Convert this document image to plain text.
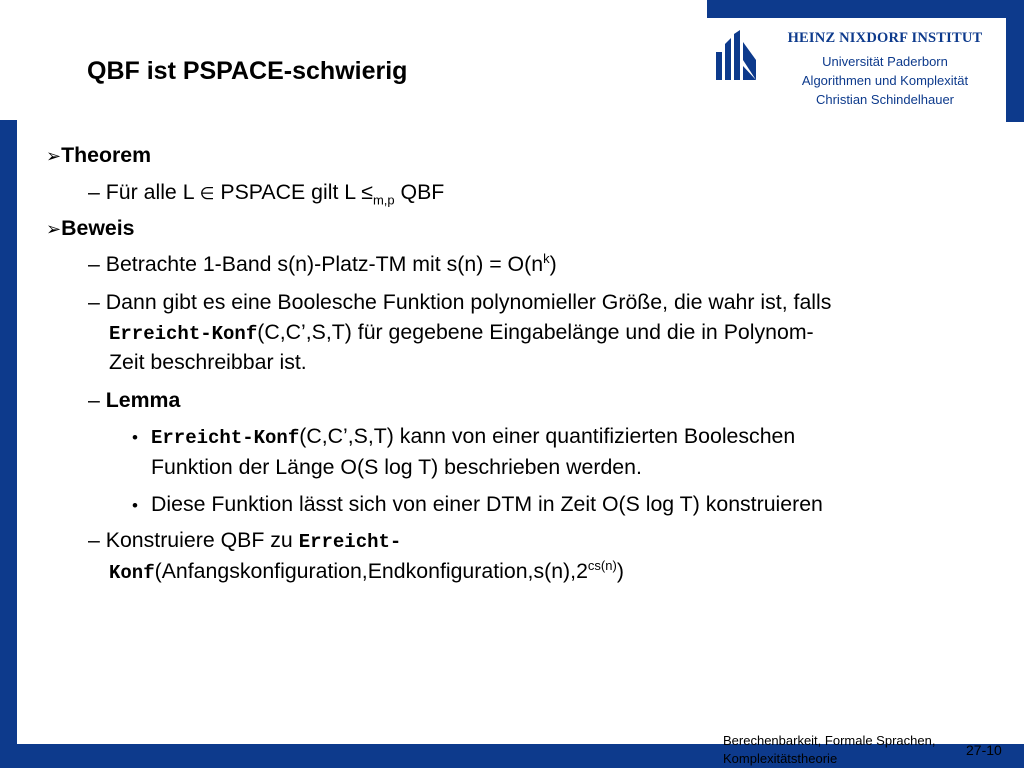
HEINZ NIXDORF INSTITUT
Universität Paderborn
Algorithmen und Komplexität
Christian Schindelhauer
QBF ist PSPACE-schwierig
➢Theorem
– Für alle L ∈ PSPACE gilt $L \le_{m,p}$ QBF
➢Beweis
– Betrachte 1-Band s(n)-Platz-TM mit $s(n) = O(n^k)$
– Dann gibt es eine Boolesche Funktion polynomieller Größe, die wahr ist, falls
Erreicht-Konf(C,C’,S,T) für gegebene Eingabelänge und die in Polynom-
Zeit beschreibbar ist.
– Lemma
• Erreicht-Konf(C,C’,S,T) kann von einer quantifizierten Booleschen
Funktion der Länge O(S log T) beschrieben werden.
• Diese Funktion lässt sich von einer DTM in Zeit O(S log T) konstruieren
– Konstruiere QBF zu Erreicht-
$Konf(Anfangskonfiguration,Endkonfiguration,s(n),2^{cs(n)})$
Berechenbarkeit, Formale Sprachen,
Komplexitätstheorie
27-10
